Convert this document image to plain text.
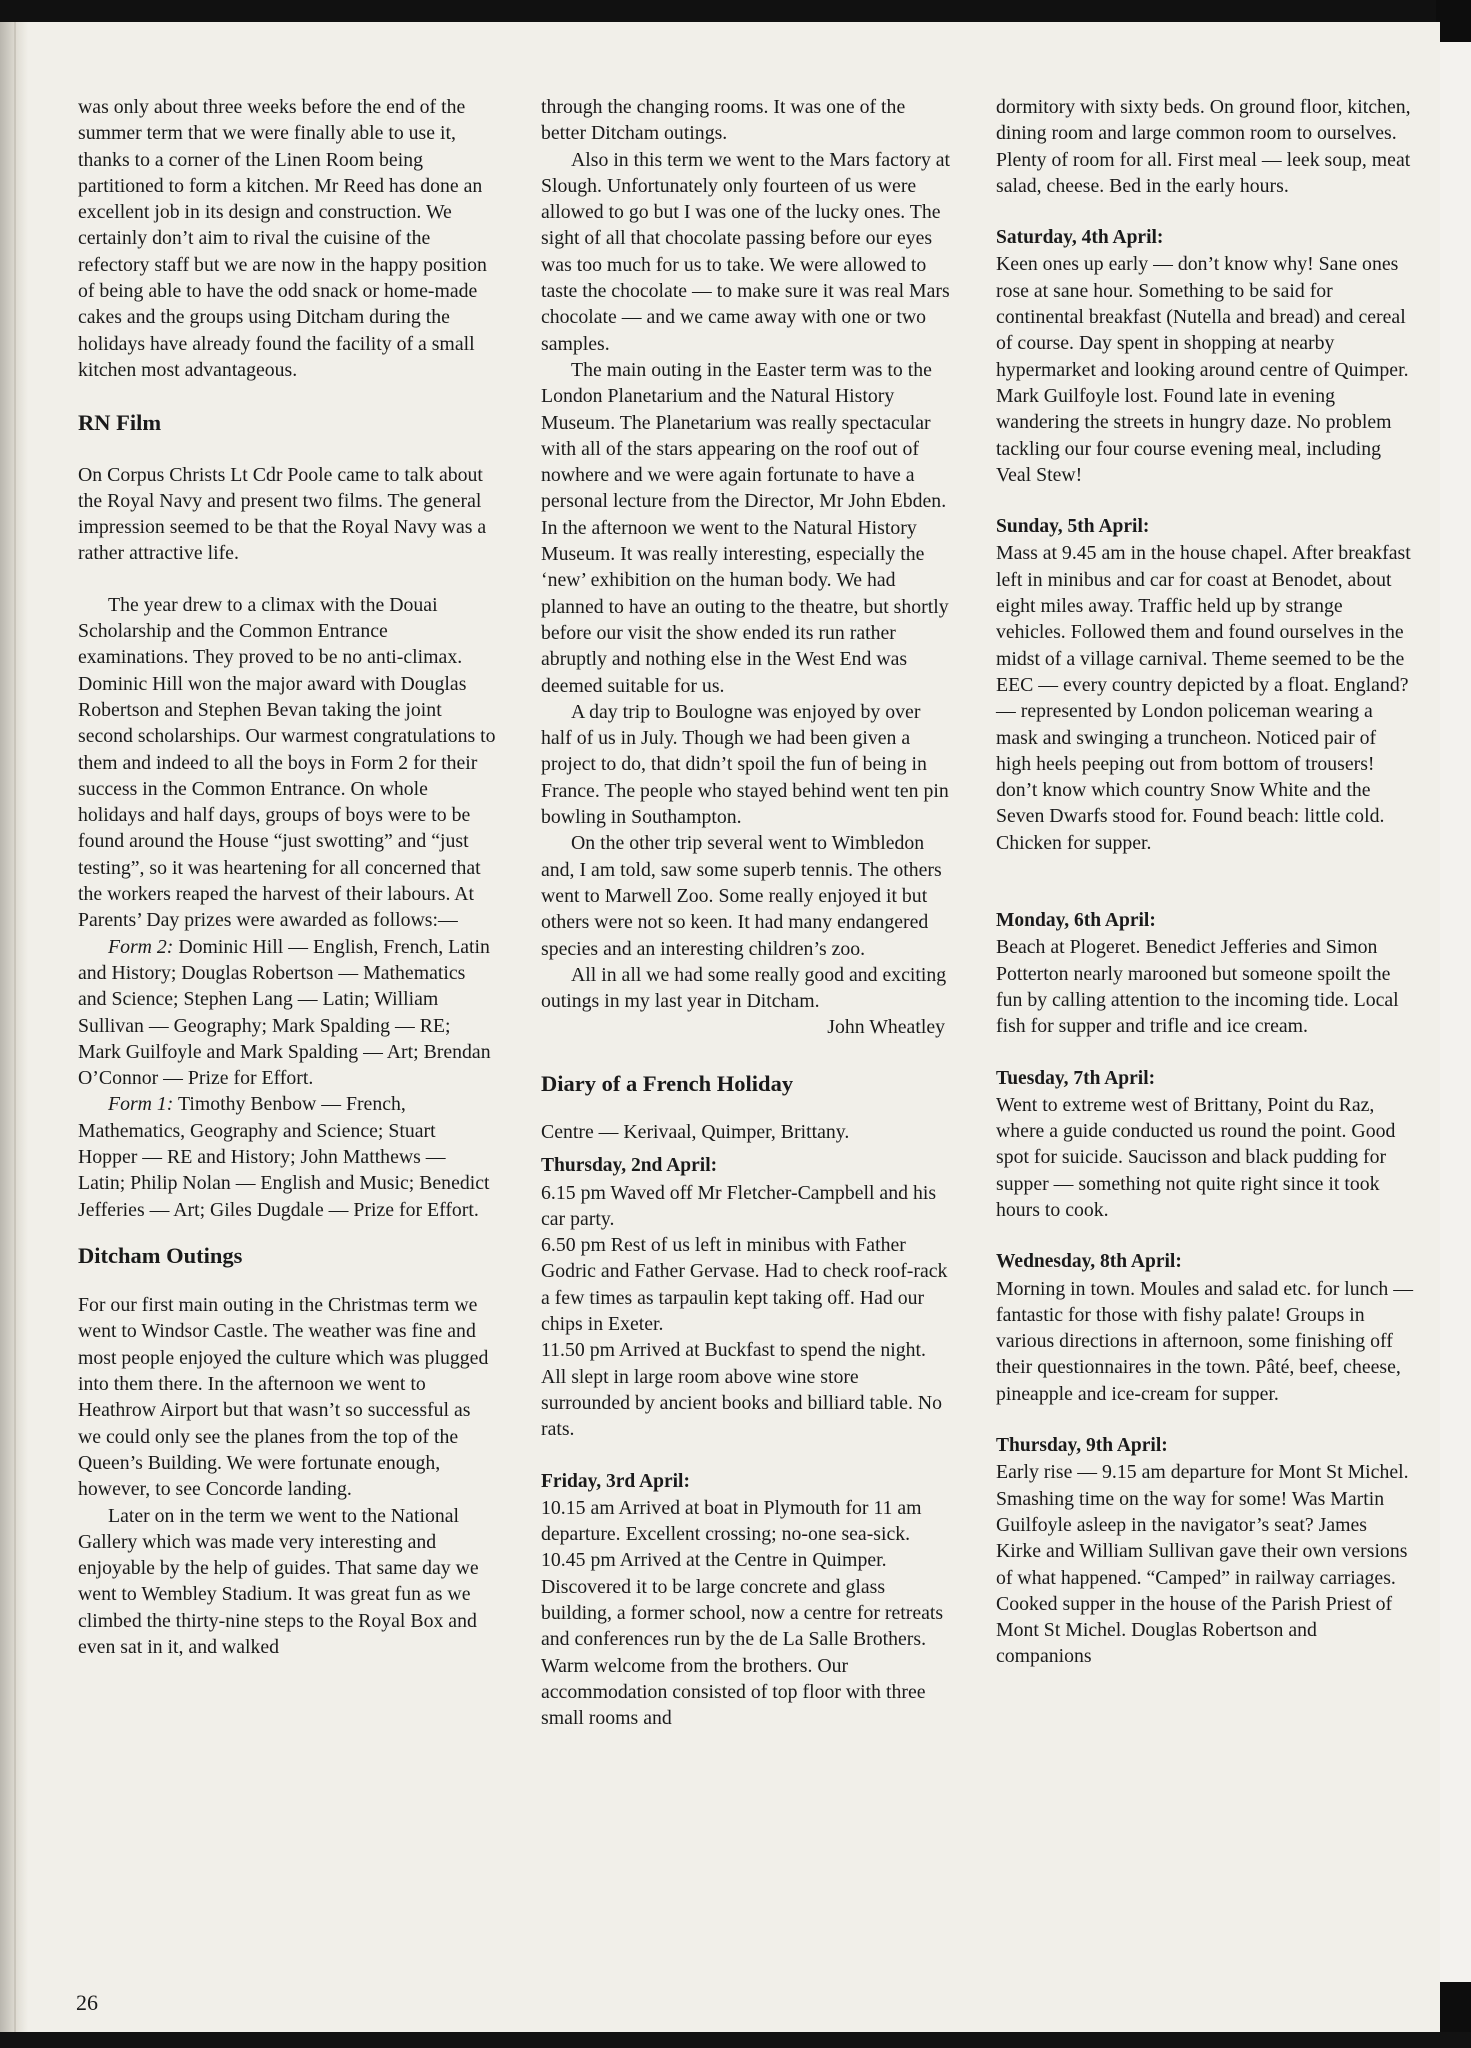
was only about three weeks before the end of the summer term that we were finally able to use it, thanks to a corner of the Linen Room being partitioned to form a kitchen. Mr Reed has done an excellent job in its design and construction. We certainly don’t aim to rival the cuisine of the refectory staff but we are now in the happy position of being able to have the odd snack or home-made cakes and the groups using Ditcham during the holidays have already found the facility of a small kitchen most advantageous.

RN Film

On Corpus Christs Lt Cdr Poole came to talk about the Royal Navy and present two films. The general impression seemed to be that the Royal Navy was a rather attractive life.

The year drew to a climax with the Douai Scholarship and the Common Entrance examinations. They proved to be no anti-climax. Dominic Hill won the major award with Douglas Robertson and Stephen Bevan taking the joint second scholarships. Our warmest congratulations to them and indeed to all the boys in Form 2 for their success in the Common Entrance. On whole holidays and half days, groups of boys were to be found around the House “just swotting” and “just testing”, so it was heartening for all concerned that the workers reaped the harvest of their labours. At Parents’ Day prizes were awarded as follows:—

Form 2: Dominic Hill — English, French, Latin and History; Douglas Robertson — Mathematics and Science; Stephen Lang — Latin; William Sullivan — Geography; Mark Spalding — RE; Mark Guilfoyle and Mark Spalding — Art; Brendan O’Connor — Prize for Effort.

Form 1: Timothy Benbow — French, Mathematics, Geography and Science; Stuart Hopper — RE and History; John Matthews — Latin; Philip Nolan — English and Music; Benedict Jefferies — Art; Giles Dugdale — Prize for Effort.

Ditcham Outings

For our first main outing in the Christmas term we went to Windsor Castle. The weather was fine and most people enjoyed the culture which was plugged into them there. In the afternoon we went to Heathrow Airport but that wasn’t so successful as we could only see the planes from the top of the Queen’s Building. We were fortunate enough, however, to see Concorde landing.

Later on in the term we went to the National Gallery which was made very interesting and enjoyable by the help of guides. That same day we went to Wembley Stadium. It was great fun as we climbed the thirty-nine steps to the Royal Box and even sat in it, and walked

through the changing rooms. It was one of the better Ditcham outings.

Also in this term we went to the Mars factory at Slough. Unfortunately only fourteen of us were allowed to go but I was one of the lucky ones. The sight of all that chocolate passing before our eyes was too much for us to take. We were allowed to taste the chocolate — to make sure it was real Mars chocolate — and we came away with one or two samples.

The main outing in the Easter term was to the London Planetarium and the Natural History Museum. The Planetarium was really spectacular with all of the stars appearing on the roof out of nowhere and we were again fortunate to have a personal lecture from the Director, Mr John Ebden. In the afternoon we went to the Natural History Museum. It was really interesting, especially the ‘new’ exhibition on the human body. We had planned to have an outing to the theatre, but shortly before our visit the show ended its run rather abruptly and nothing else in the West End was deemed suitable for us.

A day trip to Boulogne was enjoyed by over half of us in July. Though we had been given a project to do, that didn’t spoil the fun of being in France. The people who stayed behind went ten pin bowling in Southampton.

On the other trip several went to Wimbledon and, I am told, saw some superb tennis. The others went to Marwell Zoo. Some really enjoyed it but others were not so keen. It had many endangered species and an interesting children’s zoo.

All in all we had some really good and exciting outings in my last year in Ditcham.

John Wheatley

Diary of a French Holiday

Centre — Kerivaal, Quimper, Brittany.

Thursday, 2nd April:

6.15 pm Waved off Mr Fletcher-Campbell and his car party.

6.50 pm Rest of us left in minibus with Father Godric and Father Gervase. Had to check roof-rack a few times as tarpaulin kept taking off. Had our chips in Exeter.

11.50 pm Arrived at Buckfast to spend the night. All slept in large room above wine store surrounded by ancient books and billiard table. No rats.

Friday, 3rd April:

10.15 am Arrived at boat in Plymouth for 11 am departure. Excellent crossing; no-one sea-sick.

10.45 pm Arrived at the Centre in Quimper. Discovered it to be large concrete and glass building, a former school, now a centre for retreats and conferences run by the de La Salle Brothers. Warm welcome from the brothers. Our accommodation consisted of top floor with three small rooms and

dormitory with sixty beds. On ground floor, kitchen, dining room and large common room to ourselves. Plenty of room for all. First meal — leek soup, meat salad, cheese. Bed in the early hours.

Saturday, 4th April:

Keen ones up early — don’t know why! Sane ones rose at sane hour. Something to be said for continental breakfast (Nutella and bread) and cereal of course. Day spent in shopping at nearby hypermarket and looking around centre of Quimper. Mark Guilfoyle lost. Found late in evening wandering the streets in hungry daze. No problem tackling our four course evening meal, including Veal Stew!

Sunday, 5th April:

Mass at 9.45 am in the house chapel. After breakfast left in minibus and car for coast at Benodet, about eight miles away. Traffic held up by strange vehicles. Followed them and found ourselves in the midst of a village carnival. Theme seemed to be the EEC — every country depicted by a float. England? — represented by London policeman wearing a mask and swinging a truncheon. Noticed pair of high heels peeping out from bottom of trousers! don’t know which country Snow White and the Seven Dwarfs stood for. Found beach: little cold. Chicken for supper.

Monday, 6th April:

Beach at Plogeret. Benedict Jefferies and Simon Potterton nearly marooned but someone spoilt the fun by calling attention to the incoming tide. Local fish for supper and trifle and ice cream.

Tuesday, 7th April:

Went to extreme west of Brittany, Point du Raz, where a guide conducted us round the point. Good spot for suicide. Saucisson and black pudding for supper — something not quite right since it took hours to cook.

Wednesday, 8th April:

Morning in town. Moules and salad etc. for lunch — fantastic for those with fishy palate! Groups in various directions in afternoon, some finishing off their questionnaires in the town. Pâté, beef, cheese, pineapple and ice-cream for supper.

Thursday, 9th April:

Early rise — 9.15 am departure for Mont St Michel. Smashing time on the way for some! Was Martin Guilfoyle asleep in the navigator’s seat? James Kirke and William Sullivan gave their own versions of what happened. “Camped” in railway carriages. Cooked supper in the house of the Parish Priest of Mont St Michel. Douglas Robertson and companions

26
